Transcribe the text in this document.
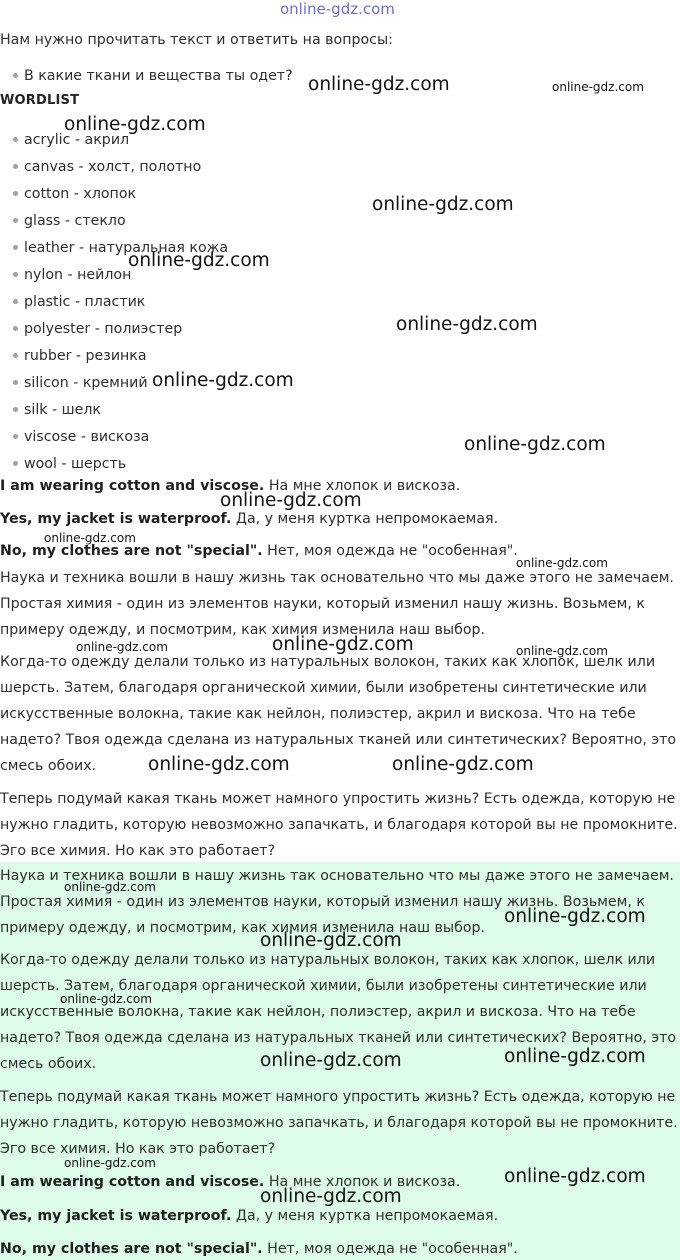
online-gdz.com
Нам нужно прочитать текст и ответить на вопросы:
В какие ткани и вещества ты одет?
WORDLIST
acrylic - акрил
canvas - холст, полотно
cotton - хлопок
glass - стекло
leather - натуральная кожа
nylon - нейлон
plastic - пластик
polyester - полиэстер
rubber - резинка
silicon - кремний
silk - шелк
viscose - вискоза
wool - шерсть
I am wearing cotton and viscose. На мне хлопок и вискоза.
Yes, my jacket is waterproof. Да, у меня куртка непромокаемая.
No, my clothes are not "special". Нет, моя одежда не "особенная".
Наука и техника вошли в нашу жизнь так основательно что мы даже этого не замечаем.
Простая химия - один из элементов науки, который изменил нашу жизнь. Возьмем, к
примеру одежду, и посмотрим, как химия изменила наш выбор.
Когда-то одежду делали только из натуральных волокон, таких как хлопок, шелк или
шерсть. Затем, благодаря органической химии, были изобретены синтетические или
искусственные волокна, такие как нейлон, полиэстер, акрил и вискоза. Что на тебе
надето? Твоя одежда сделана из натуральных тканей или синтетических? Вероятно, это
смесь обоих.
Теперь подумай какая ткань может намного упростить жизнь? Есть одежда, которую не
нужно гладить, которую невозможно запачкать, и благодаря которой вы не промокните.
Эго все химия. Но как это работает?
Наука и техника вошли в нашу жизнь так основательно что мы даже этого не замечаем.
Простая химия - один из элементов науки, который изменил нашу жизнь. Возьмем, к
примеру одежду, и посмотрим, как химия изменила наш выбор.
Когда-то одежду делали только из натуральных волокон, таких как хлопок, шелк или
шерсть. Затем, благодаря органической химии, были изобретены синтетические или
искусственные волокна, такие как нейлон, полиэстер, акрил и вискоза. Что на тебе
надето? Твоя одежда сделана из натуральных тканей или синтетических? Вероятно, это
смесь обоих.
Теперь подумай какая ткань может намного упростить жизнь? Есть одежда, которую не
нужно гладить, которую невозможно запачкать, и благодаря которой вы не промокните.
Эго все химия. Но как это работает?
I am wearing cotton and viscose. На мне хлопок и вискоза.
Yes, my jacket is waterproof. Да, у меня куртка непромокаемая.
No, my clothes are not "special". Нет, моя одежда не "особенная".
online-gdz.com	online-gdz.com
online-gdz.com
online-gdz.com
online-gdz.com
online-gdz.com
online-gdz.com
online-gdz.com
online-gdz.com
online-gdz.com
online-gdz.com
online-gdz.com
online-gdz.com	online-gdz.com
online-gdz.com	online-gdz.com
online-gdz.com
online-gdz.com
online-gdz.com
online-gdz.com
online-gdz.com
online-gdz.com
online-gdz.com
online-gdz.com
online-gdz.com
